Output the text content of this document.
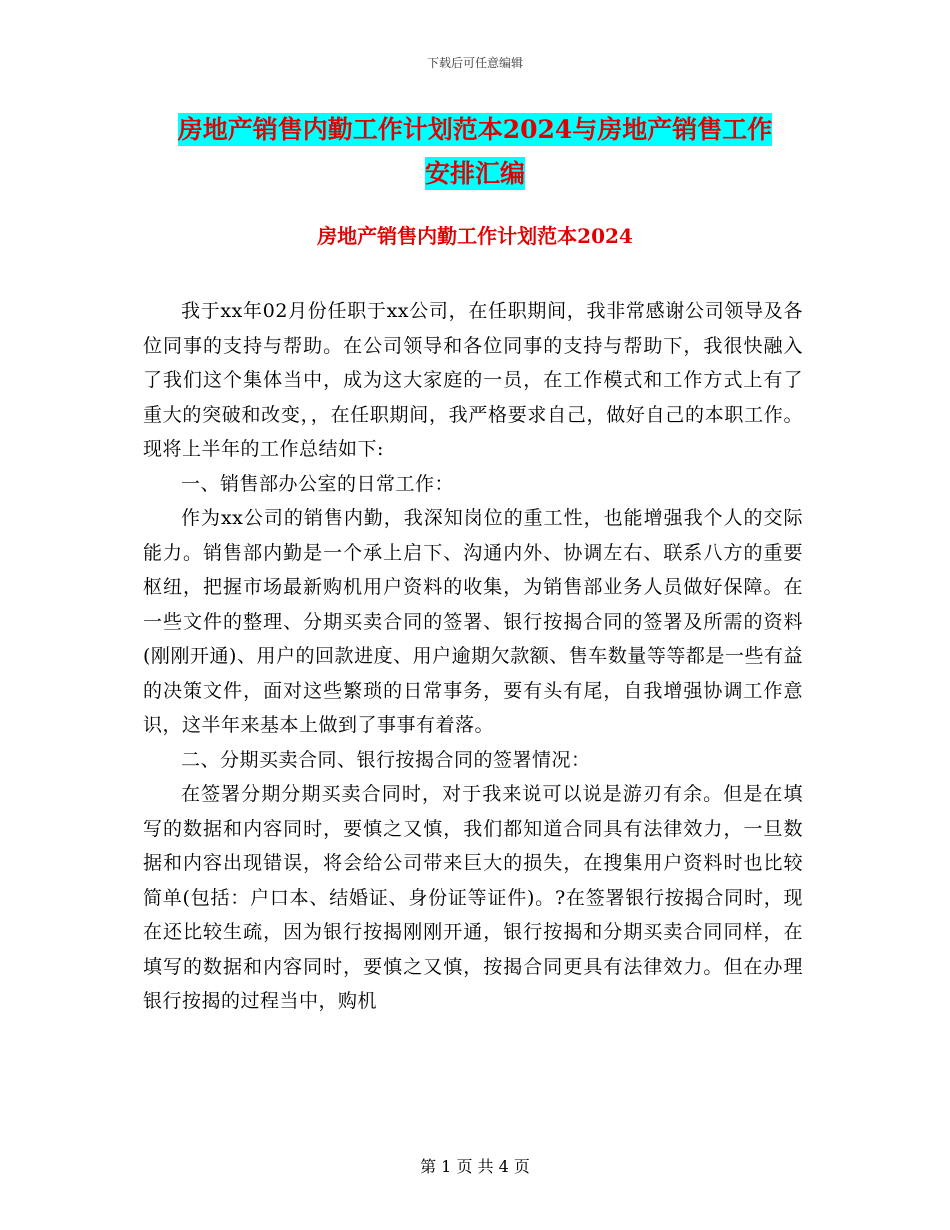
下载后可任意编辑
房地产销售内勤工作计划范本2024与房地产销售工作
安排汇编
房地产销售内勤工作计划范本2024

我于xx年02月份任职于xx公司，在任职期间，我非常感谢公司领导及各位同事的支持与帮助。在公司领导和各位同事的支持与帮助下，我很快融入了我们这个集体当中，成为这大家庭的一员，在工作模式和工作方式上有了重大的突破和改变，，在任职期间，我严格要求自己，做好自己的本职工作。现将上半年的工作总结如下:

一、销售部办公室的日常工作：

作为xx公司的销售内勤，我深知岗位的重工性，也能增强我个人的交际能力。销售部内勤是一个承上启下、沟通内外、协调左右、联系八方的重要枢纽，把握市场最新购机用户资料的收集，为销售部业务人员做好保障。在一些文件的整理、分期买卖合同的签署、银行按揭合同的签署及所需的资料(刚刚开通)、用户的回款进度、用户逾期欠款额、售车数量等等都是一些有益的决策文件，面对这些繁琐的日常事务，要有头有尾，自我增强协调工作意识，这半年来基本上做到了事事有着落。

二、分期买卖合同、银行按揭合同的签署情况：

在签署分期分期买卖合同时，对于我来说可以说是游刃有余。但是在填写的数据和内容同时，要慎之又慎，我们都知道合同具有法律效力，一旦数据和内容出现错误，将会给公司带来巨大的损失，在搜集用户资料时也比较简单(包括：户口本、结婚证、身份证等证件)。?在签署银行按揭合同时，现在还比较生疏，因为银行按揭刚刚开通，银行按揭和分期买卖合同同样，在填写的数据和内容同时，要慎之又慎，按揭合同更具有法律效力。但在办理银行按揭的过程当中，购机

第 1 页 共 4 页
